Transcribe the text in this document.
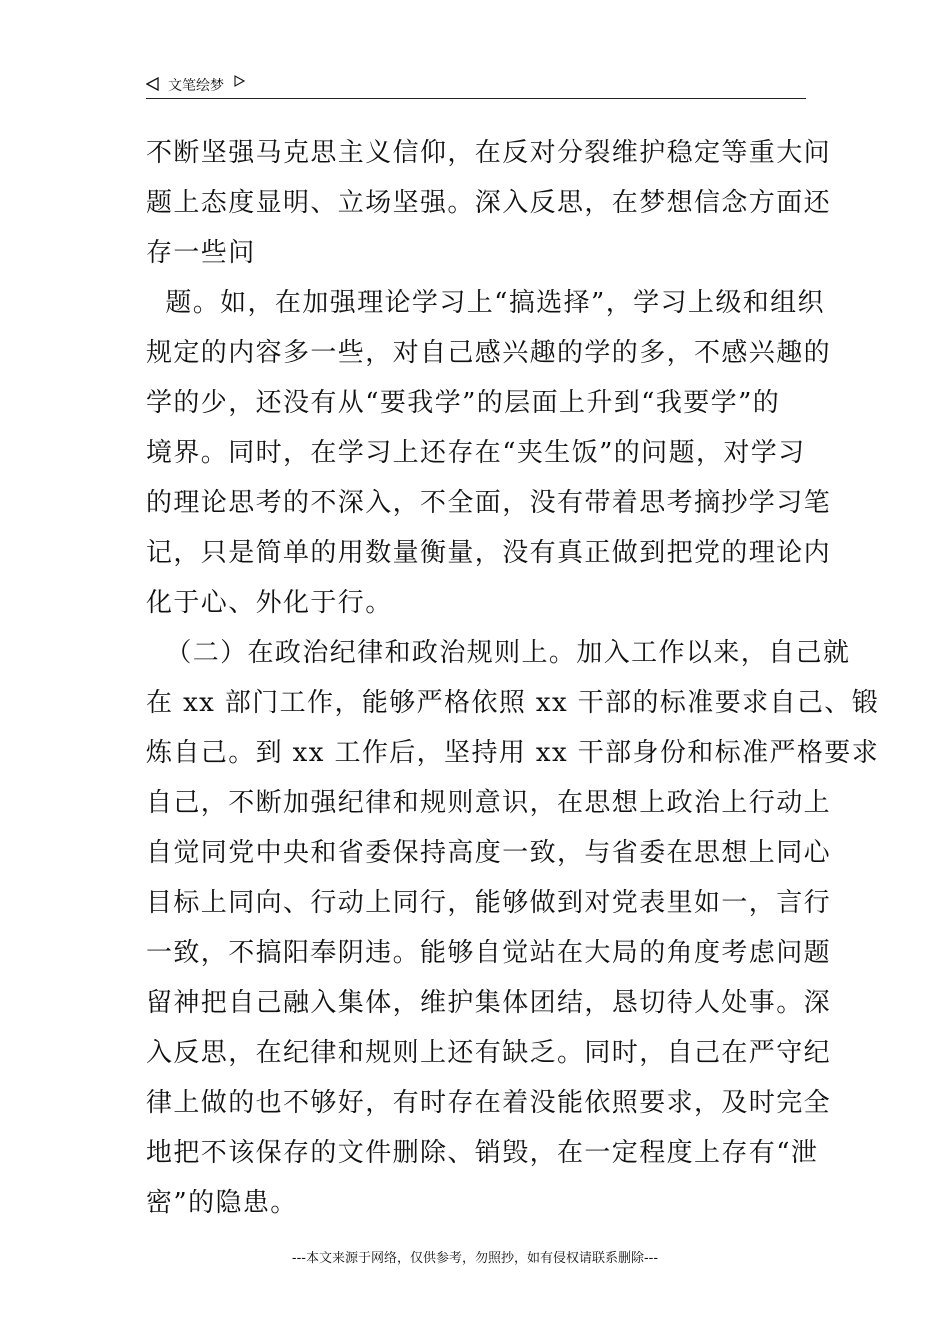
文笔绘梦
不断坚强马克思主义信仰，在反对分裂维护稳定等重大问
题上态度显明、立场坚强。深入反思，在梦想信念方面还
存一些问
题。如，在加强理论学习上“搞选择”，学习上级和组织
规定的内容多一些，对自己感兴趣的学的多，不感兴趣的
学的少，还没有从“要我学”的层面上升到“我要学”的
境界。同时，在学习上还存在“夹生饭”的问题，对学习
的理论思考的不深入，不全面，没有带着思考摘抄学习笔
记，只是简单的用数量衡量，没有真正做到把党的理论内
化于心、外化于行。
（二）在政治纪律和政治规则上。加入工作以来，自己就
在 xx 部门工作，能够严格依照 xx 干部的标准要求自己、锻
炼自己。到 xx 工作后，坚持用 xx 干部身份和标准严格要求
自己，不断加强纪律和规则意识，在思想上政治上行动上
自觉同党中央和省委保持高度一致，与省委在思想上同心
目标上同向、行动上同行，能够做到对党表里如一，言行
一致，不搞阳奉阴违。能够自觉站在大局的角度考虑问题
留神把自己融入集体，维护集体团结，恳切待人处事。深
入反思，在纪律和规则上还有缺乏。同时，自己在严守纪
律上做的也不够好，有时存在着没能依照要求，及时完全
地把不该保存的文件删除、销毁，在一定程度上存有“泄
密”的隐患。
---本文来源于网络，仅供参考，勿照抄，如有侵权请联系删除---
